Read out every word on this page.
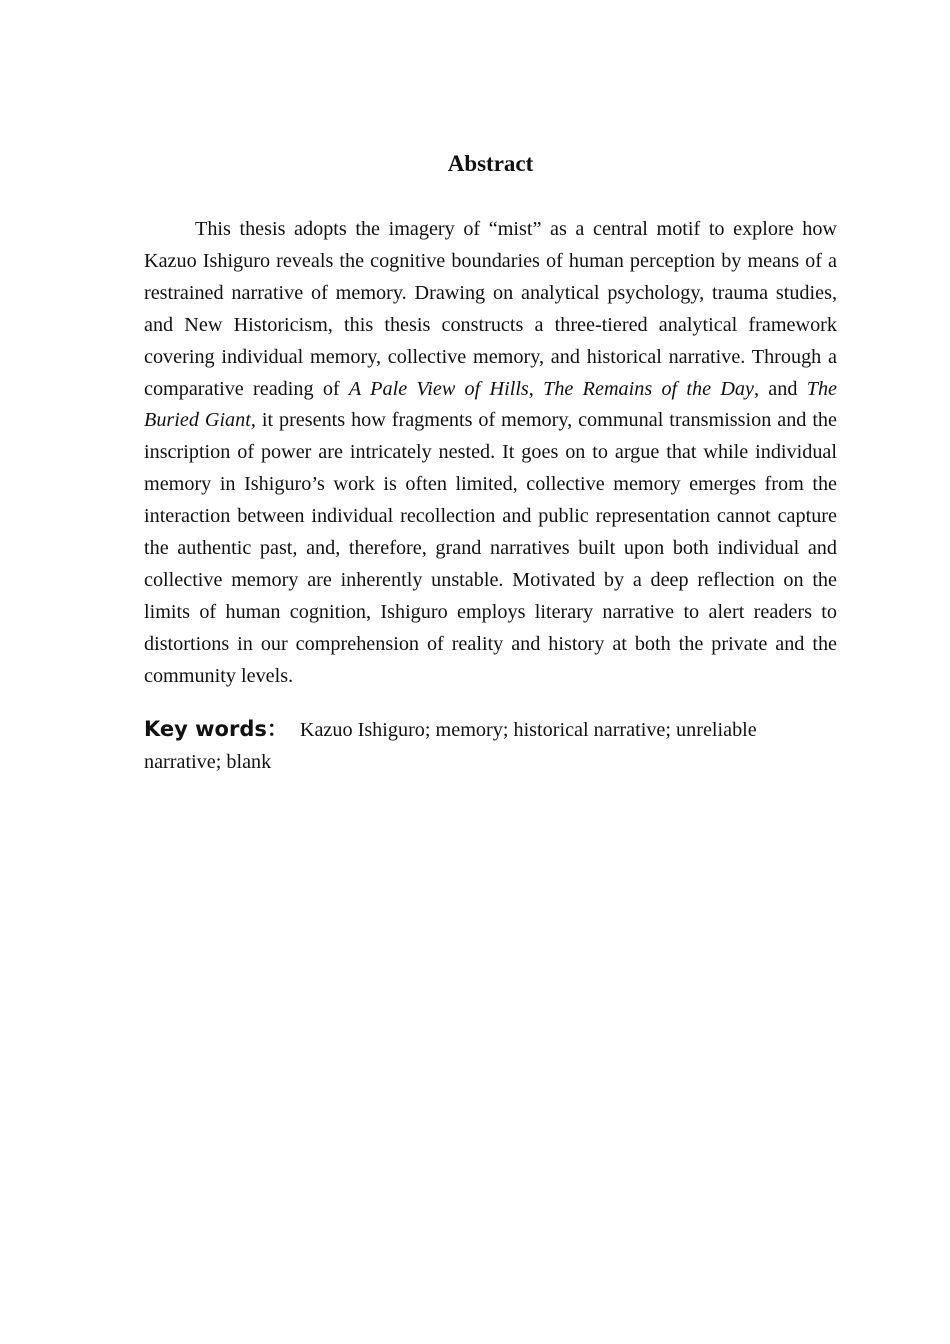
Abstract

This thesis adopts the imagery of “mist” as a central motif to explore how Kazuo Ishiguro reveals the cognitive boundaries of human perception by means of a restrained narrative of memory. Drawing on analytical psychology, trauma studies, and New Historicism, this thesis constructs a three-tiered analytical framework covering individual memory, collective memory, and historical narrative. Through a comparative reading of A Pale View of Hills, The Remains of the Day, and The Buried Giant, it presents how fragments of memory, communal transmission and the inscription of power are intricately nested. It goes on to argue that while individual memory in Ishiguro’s work is often limited, collective memory emerges from the interaction between individual recollection and public representation cannot capture the authentic past, and, therefore, grand narratives built upon both individual and collective memory are inherently unstable. Motivated by a deep reflection on the limits of human cognition, Ishiguro employs literary narrative to alert readers to distortions in our comprehension of reality and history at both the private and the community levels.

Key words： Kazuo Ishiguro; memory; historical narrative; unreliable narrative; blank
